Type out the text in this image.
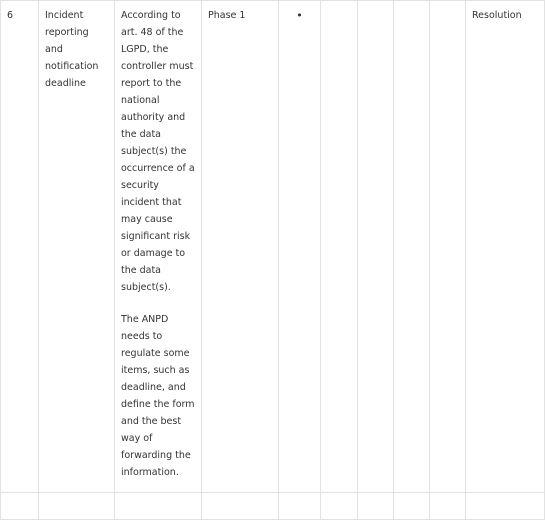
6	Incident reporting and notification deadline	According to art. 48 of the LGPD, the controller must report to the national authority and the data subject(s) the occurrence of a security incident that may cause significant risk or damage to the data subject(s).

The ANPD needs to regulate some items, such as deadline, and define the form and the best way of forwarding the information.	Phase 1	•					Resolution
